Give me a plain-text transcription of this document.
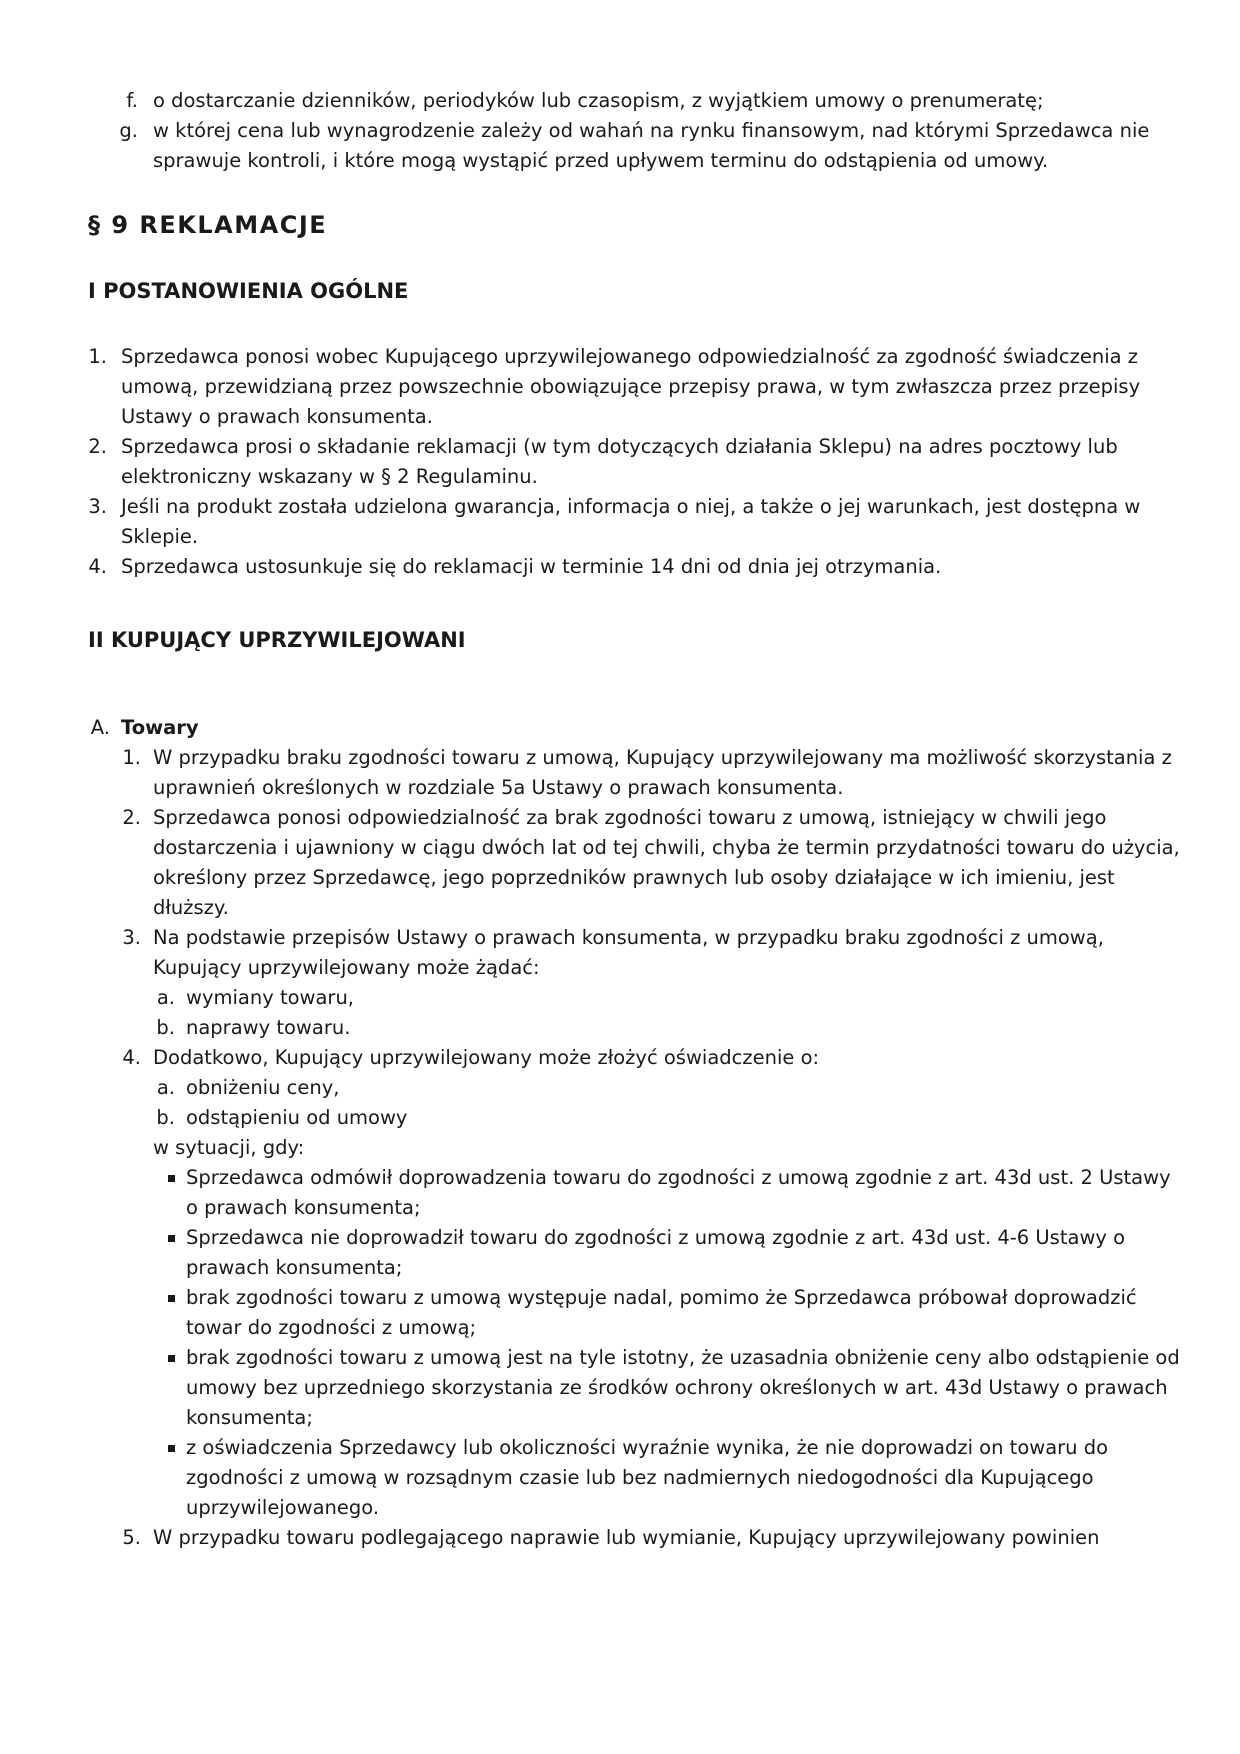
f. o dostarczanie dzienników, periodyków lub czasopism, z wyjątkiem umowy o prenumeratę;
g. w której cena lub wynagrodzenie zależy od wahań na rynku finansowym, nad którymi Sprzedawca nie
sprawuje kontroli, i które mogą wystąpić przed upływem terminu do odstąpienia od umowy.
§ 9 REKLAMACJE
I POSTANOWIENIA OGÓLNE
1. Sprzedawca ponosi wobec Kupującego uprzywilejowanego odpowiedzialność za zgodność świadczenia z
umową, przewidzianą przez powszechnie obowiązujące przepisy prawa, w tym zwłaszcza przez przepisy
Ustawy o prawach konsumenta.
2. Sprzedawca prosi o składanie reklamacji (w tym dotyczących działania Sklepu) na adres pocztowy lub
elektroniczny wskazany w § 2 Regulaminu.
3. Jeśli na produkt została udzielona gwarancja, informacja o niej, a także o jej warunkach, jest dostępna w
Sklepie.
4. Sprzedawca ustosunkuje się do reklamacji w terminie 14 dni od dnia jej otrzymania.
II KUPUJĄCY UPRZYWILEJOWANI
A. Towary
1. W przypadku braku zgodności towaru z umową, Kupujący uprzywilejowany ma możliwość skorzystania z
uprawnień określonych w rozdziale 5a Ustawy o prawach konsumenta.
2. Sprzedawca ponosi odpowiedzialność za brak zgodności towaru z umową, istniejący w chwili jego
dostarczenia i ujawniony w ciągu dwóch lat od tej chwili, chyba że termin przydatności towaru do użycia,
określony przez Sprzedawcę, jego poprzedników prawnych lub osoby działające w ich imieniu, jest
dłuższy.
3. Na podstawie przepisów Ustawy o prawach konsumenta, w przypadku braku zgodności z umową,
Kupujący uprzywilejowany może żądać:
a. wymiany towaru,
b. naprawy towaru.
4. Dodatkowo, Kupujący uprzywilejowany może złożyć oświadczenie o:
a. obniżeniu ceny,
b. odstąpieniu od umowy
w sytuacji, gdy:
Sprzedawca odmówił doprowadzenia towaru do zgodności z umową zgodnie z art. 43d ust. 2 Ustawy
o prawach konsumenta;
Sprzedawca nie doprowadził towaru do zgodności z umową zgodnie z art. 43d ust. 4-6 Ustawy o
prawach konsumenta;
brak zgodności towaru z umową występuje nadal, pomimo że Sprzedawca próbował doprowadzić
towar do zgodności z umową;
brak zgodności towaru z umową jest na tyle istotny, że uzasadnia obniżenie ceny albo odstąpienie od
umowy bez uprzedniego skorzystania ze środków ochrony określonych w art. 43d Ustawy o prawach
konsumenta;
z oświadczenia Sprzedawcy lub okoliczności wyraźnie wynika, że nie doprowadzi on towaru do
zgodności z umową w rozsądnym czasie lub bez nadmiernych niedogodności dla Kupującego
uprzywilejowanego.
5. W przypadku towaru podlegającego naprawie lub wymianie, Kupujący uprzywilejowany powinien
